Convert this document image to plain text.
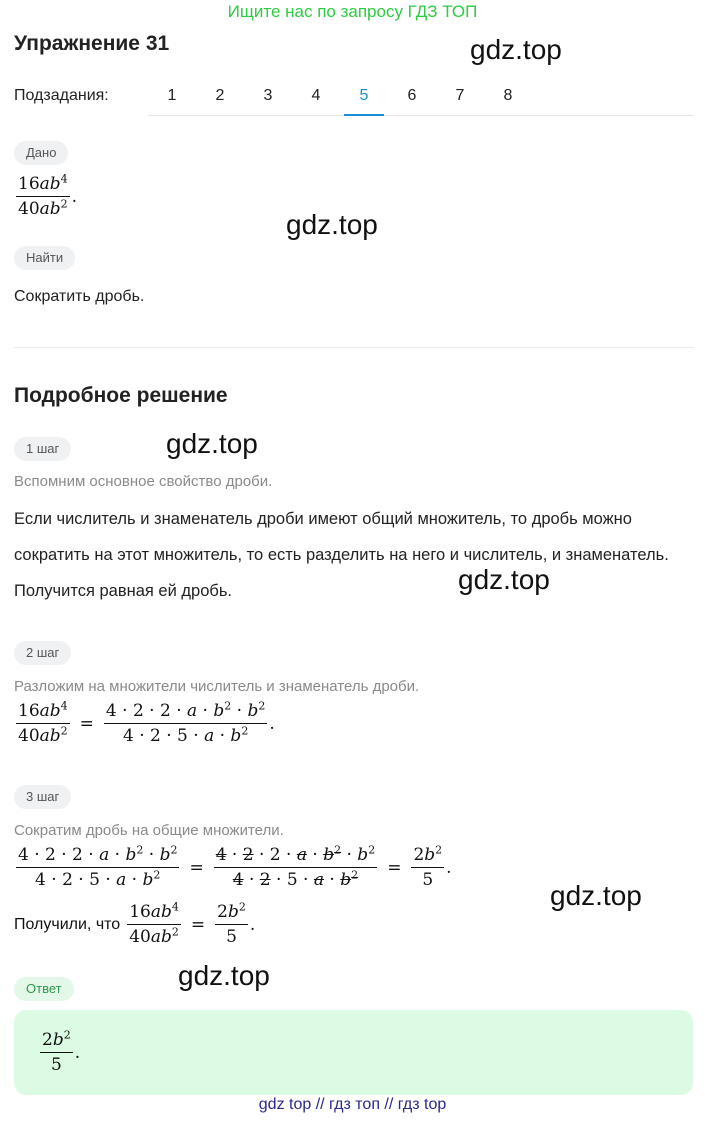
Ищите нас по запросу ГДЗ ТОП
Упражнение 31	gdz.top
Подзадания:	1	2	3	4	5	6	7	8
Дано
$\frac{16ab^4}{40ab^2}$ .
gdz.top
Найти
Сократить дробь.
Подробное решение
1 шаг	gdz.top
Вспомним основное свойство дроби.
Если числитель и знаменатель дроби имеют общий множитель, то дробь можно сократить на этот множитель, то есть разделить на него и числитель, и знаменатель. Получится равная ей дробь.	gdz.top
2 шаг
Разложим на множители числитель и знаменатель дроби.
$\frac{16ab^4}{40ab^2} = \frac{4 \cdot 2 \cdot 2 \cdot a \cdot b^2 \cdot b^2}{4 \cdot 2 \cdot 5 \cdot a \cdot b^2}$ .
3 шаг
Сократим дробь на общие множители.
$\frac{4 \cdot 2 \cdot 2 \cdot a \cdot b^2 \cdot b^2}{4 \cdot 2 \cdot 5 \cdot a \cdot b^2} = \frac{4 \cdot 2 \cdot 2 \cdot a \cdot b^2 \cdot b^2}{4 \cdot 2 \cdot 5 \cdot a \cdot b^2} = \frac{2b^2}{5}$ .
gdz.top
Получили, что $\frac{16ab^4}{40ab^2} = \frac{2b^2}{5}$ .
gdz.top
Ответ
$\frac{2b^2}{5}$ .
gdz top // гдз топ // гдз top
